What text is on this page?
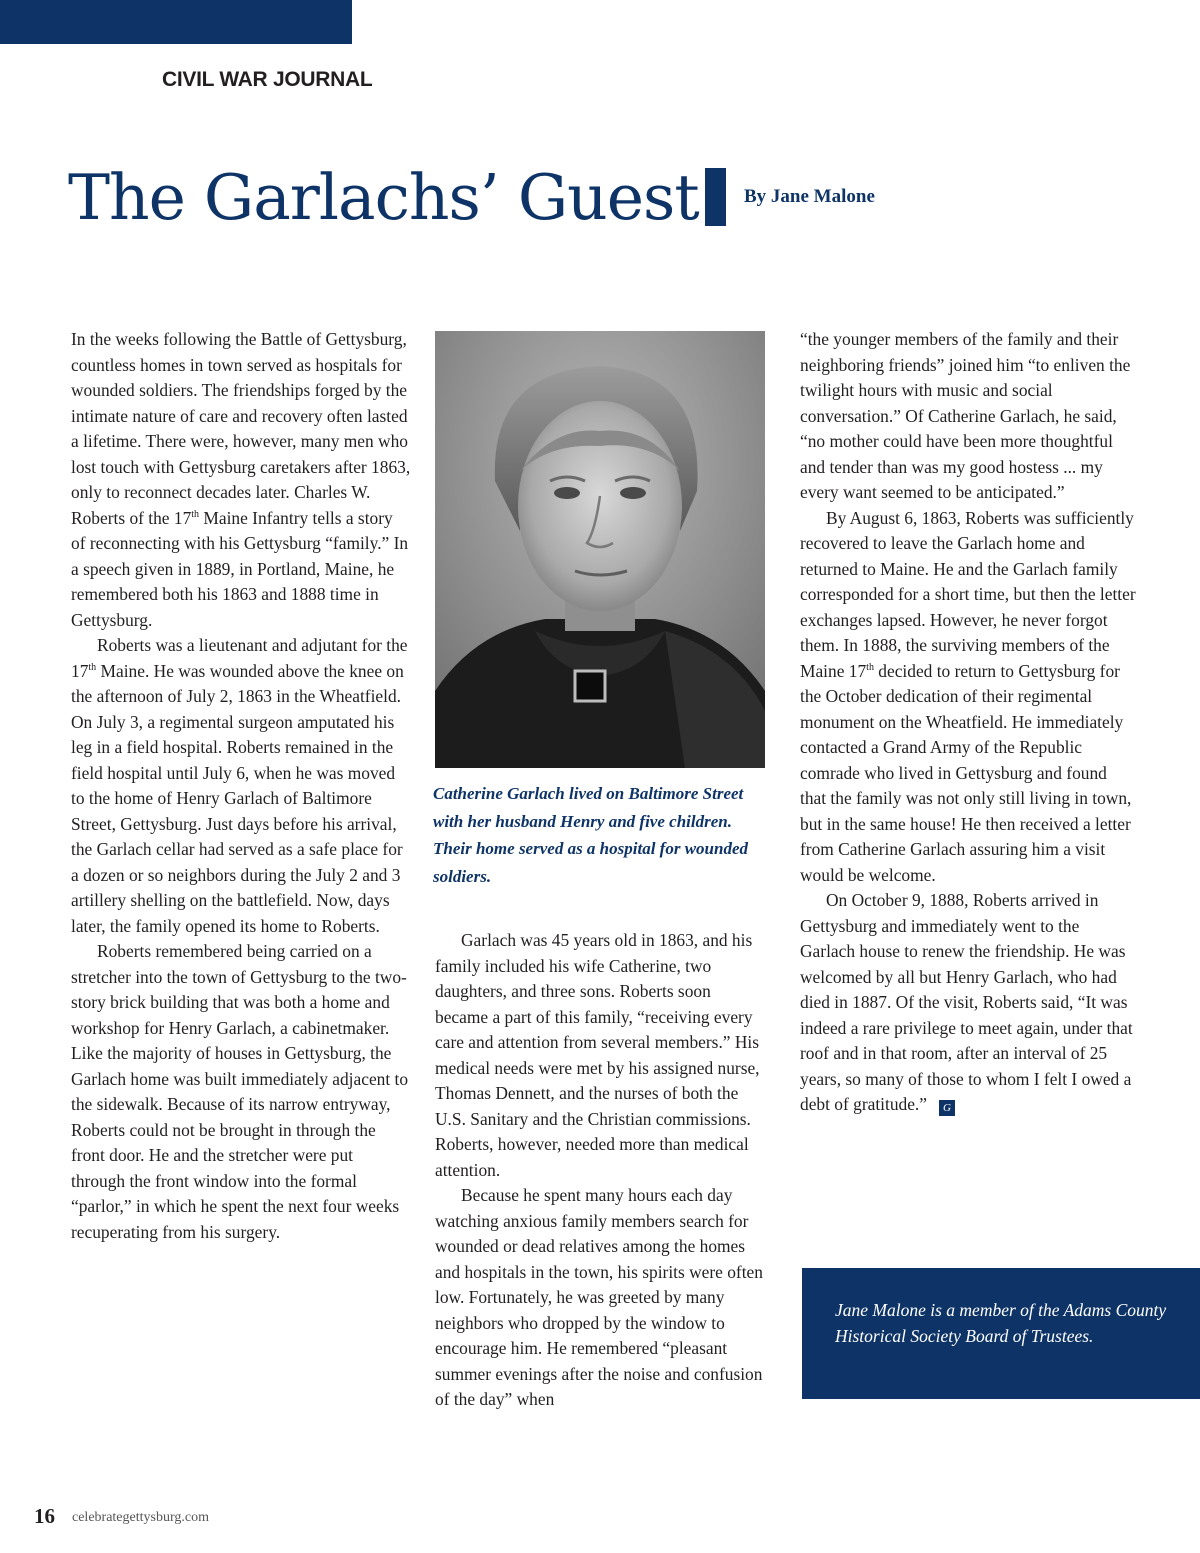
CIVIL WAR JOURNAL
The Garlachs’ Guest By Jane Malone

In the weeks following the Battle of Gettysburg, countless homes in town served as hospitals for wounded soldiers. The friendships forged by the intimate nature of care and recovery often lasted a lifetime. There were, however, many men who lost touch with Gettysburg caretakers after 1863, only to reconnect decades later. Charles W. Roberts of the 17th Maine Infantry tells a story of reconnecting with his Gettysburg “family.” In a speech given in 1889, in Portland, Maine, he remembered both his 1863 and 1888 time in Gettysburg.

Roberts was a lieutenant and adjutant for the 17th Maine. He was wounded above the knee on the afternoon of July 2, 1863 in the Wheatfield. On July 3, a regimental surgeon amputated his leg in a field hospital. Roberts remained in the field hospital until July 6, when he was moved to the home of Henry Garlach of Baltimore Street, Gettysburg. Just days before his arrival, the Garlach cellar had served as a safe place for a dozen or so neighbors during the July 2 and 3 artillery shelling on the battlefield. Now, days later, the family opened its home to Roberts.

Roberts remembered being carried on a stretcher into the town of Gettysburg to the two-story brick building that was both a home and workshop for Henry Garlach, a cabinetmaker. Like the majority of houses in Gettysburg, the Garlach home was built immediately adjacent to the sidewalk. Because of its narrow entryway, Roberts could not be brought in through the front door. He and the stretcher were put through the front window into the formal “parlor,” in which he spent the next four weeks recuperating from his surgery.

Catherine Garlach lived on Baltimore Street with her husband Henry and five children. Their home served as a hospital for wounded soldiers.

Garlach was 45 years old in 1863, and his family included his wife Catherine, two daughters, and three sons. Roberts soon became a part of this family, “receiving every care and attention from several members.” His medical needs were met by his assigned nurse, Thomas Dennett, and the nurses of both the U.S. Sanitary and the Christian commissions. Roberts, however, needed more than medical attention.

Because he spent many hours each day watching anxious family members search for wounded or dead relatives among the homes and hospitals in the town, his spirits were often low. Fortunately, he was greeted by many neighbors who dropped by the window to encourage him. He remembered “pleasant summer evenings after the noise and confusion of the day” when

“the younger members of the family and their neighboring friends” joined him “to enliven the twilight hours with music and social conversation.” Of Catherine Garlach, he said, “no mother could have been more thoughtful and tender than was my good hostess ... my every want seemed to be anticipated.”

By August 6, 1863, Roberts was sufficiently recovered to leave the Garlach home and returned to Maine. He and the Garlach family corresponded for a short time, but then the letter exchanges lapsed. However, he never forgot them. In 1888, the surviving members of the Maine 17th decided to return to Gettysburg for the October dedication of their regimental monument on the Wheatfield. He immediately contacted a Grand Army of the Republic comrade who lived in Gettysburg and found that the family was not only still living in town, but in the same house! He then received a letter from Catherine Garlach assuring him a visit would be welcome.

On October 9, 1888, Roberts arrived in Gettysburg and immediately went to the Garlach house to renew the friendship. He was welcomed by all but Henry Garlach, who had died in 1887. Of the visit, Roberts said, “It was indeed a rare privilege to meet again, under that roof and in that room, after an interval of 25 years, so many of those to whom I felt I owed a debt of gratitude.” G

Jane Malone is a member of the Adams County Historical Society Board of Trustees.

16 celebrategettysburg.com
